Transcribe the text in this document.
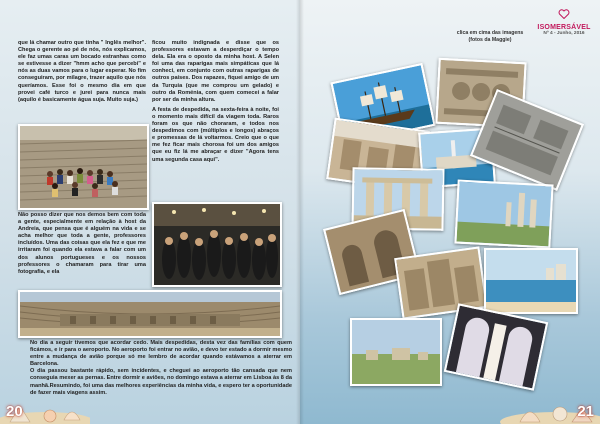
que lá chamar outro que tinha " Inglês melhor". Chega o gerente ao pé de nós, nós explicamos, ele faz umas caras um bocado estranhas como se estivesse a dizer "hmm acho que percebi" e nós as duas vamos para o lugar esperar. No fim conseguiram, por milagre, trazer aquilo que nós queríamos. Esse foi o mesmo dia em que provei café turco e jurei para nunca mais (aquilo é basicamente água suja. Muito suja.)

Não posso dizer que nos demos bem com toda a gente, especialmente em relação à host da Andreia, que pensa que é alguém na vida e se acha melhor que toda a gente, professores incluídos. Uma das coisas que ela fez e que me irritaram foi quando ela estava a falar com um dos alunos portugueses e os nossos professores o chamaram para tirar uma fotografia, e ela

ficou muito indignada e disse que os professores estavam a desperdiçar o tempo dela. Ela era o oposto da minha host. A Selen foi uma das raparigas mais simpáticas que lá conheci, em conjunto com outras raparigas de outros países. Dos rapazes, fiquei amigo de um da Turquia (que me comprou um gelado) e outro da Roménia, com quem comecei a falar por ser da minha altura.

A festa de despedida, na sexta-feira à noite, foi o momento mais difícil da viagem toda. Raros foram os que não choraram, e todos nos despedimos com (múltiplos e longos) abraços e promessas de lá voltarmos. Creio que o que me fez ficar mais chorosa foi um dos amigos que eu fiz lá me abraçar e dizer "Agora tens uma segunda casa aqui".

No dia a seguir tivemos que acordar cedo. Mais despedidas, desta vez das famílias com quem ficámos, e ir para o aeroporto. No aeroporto foi entrar no avião, e devo ter estado a dormir mesmo entre a mudança de avião porque só me lembro de acordar quando estávamos a aterrar em Barcelona.

O dia passou bastante rápido, sem incidentes, e cheguei ao aeroporto tão cansada que nem conseguia mexer as pernas. Entre dormir e aviões, no domingo estava a aterrar em Lisboa às 8 da manhã.Resumindo, foi uma das melhores experiências da minha vida, e espero ter a oportunidade de fazer mais viagens assim.

20
clica em cima das imagens
(fotos da Maggie)
ISOMERSÁVEL
Nº 4 - Junho, 2016
21
